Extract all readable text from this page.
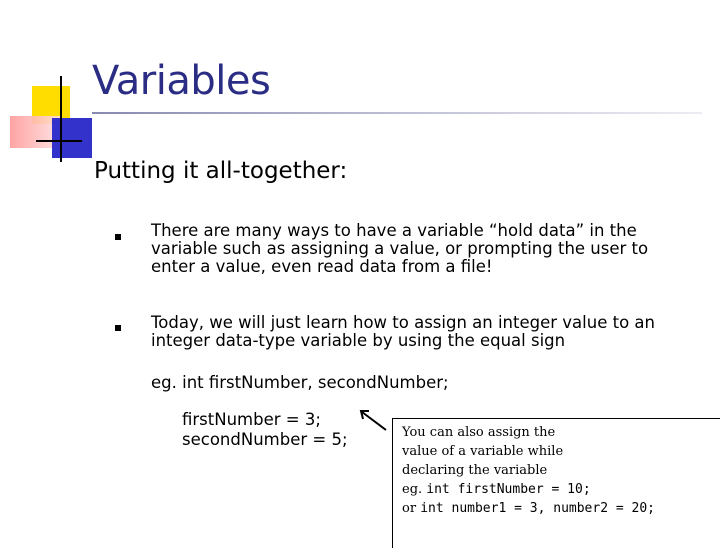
Variables
Putting it all-together:
There are many ways to have a variable “hold data” in the
variable such as assigning a value, or prompting the user to
enter a value, even read data from a file!
Today, we will just learn how to assign an integer value to an
integer data-type variable by using the equal sign
eg. int firstNumber, secondNumber;
firstNumber = 3;
secondNumber = 5;	You can also assign the
value of a variable while
declaring the variable
eg. int firstNumber = 10;
or int number1 = 3, number2 = 20;
